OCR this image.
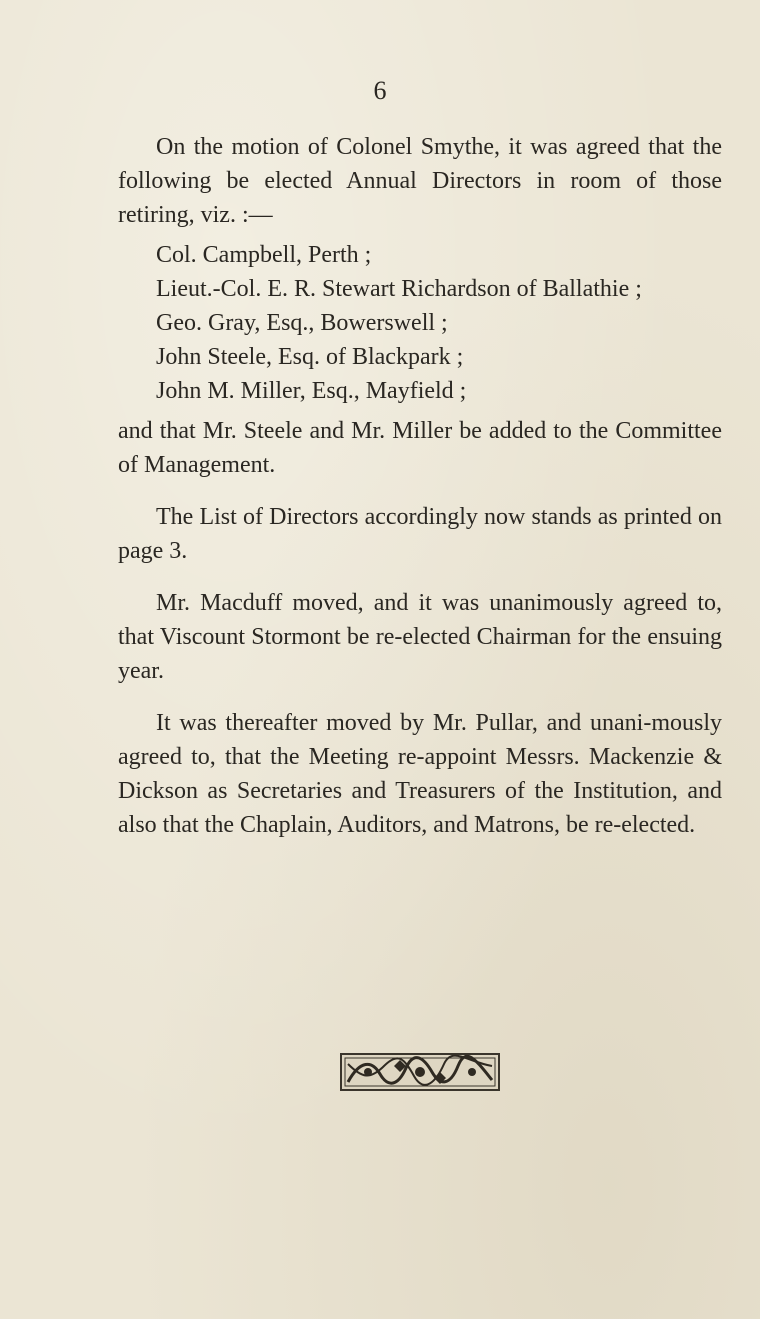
6

On the motion of Colonel Smythe, it was agreed that the following be elected Annual Directors in room of those retiring, viz. :—

Col. Campbell, Perth ;
Lieut.-Col. E. R. Stewart Richardson of Ballathie ;
Geo. Gray, Esq., Bowerswell ;
John Steele, Esq. of Blackpark ;
John M. Miller, Esq., Mayfield ;

and that Mr. Steele and Mr. Miller be added to the Committee of Management.

The List of Directors accordingly now stands as printed on page 3.

Mr. Macduff moved, and it was unanimously agreed to, that Viscount Stormont be re-elected Chairman for the ensuing year.

It was thereafter moved by Mr. Pullar, and unani-mously agreed to, that the Meeting re-appoint Messrs. Mackenzie & Dickson as Secretaries and Treasurers of the Institution, and also that the Chaplain, Auditors, and Matrons, be re-elected.
